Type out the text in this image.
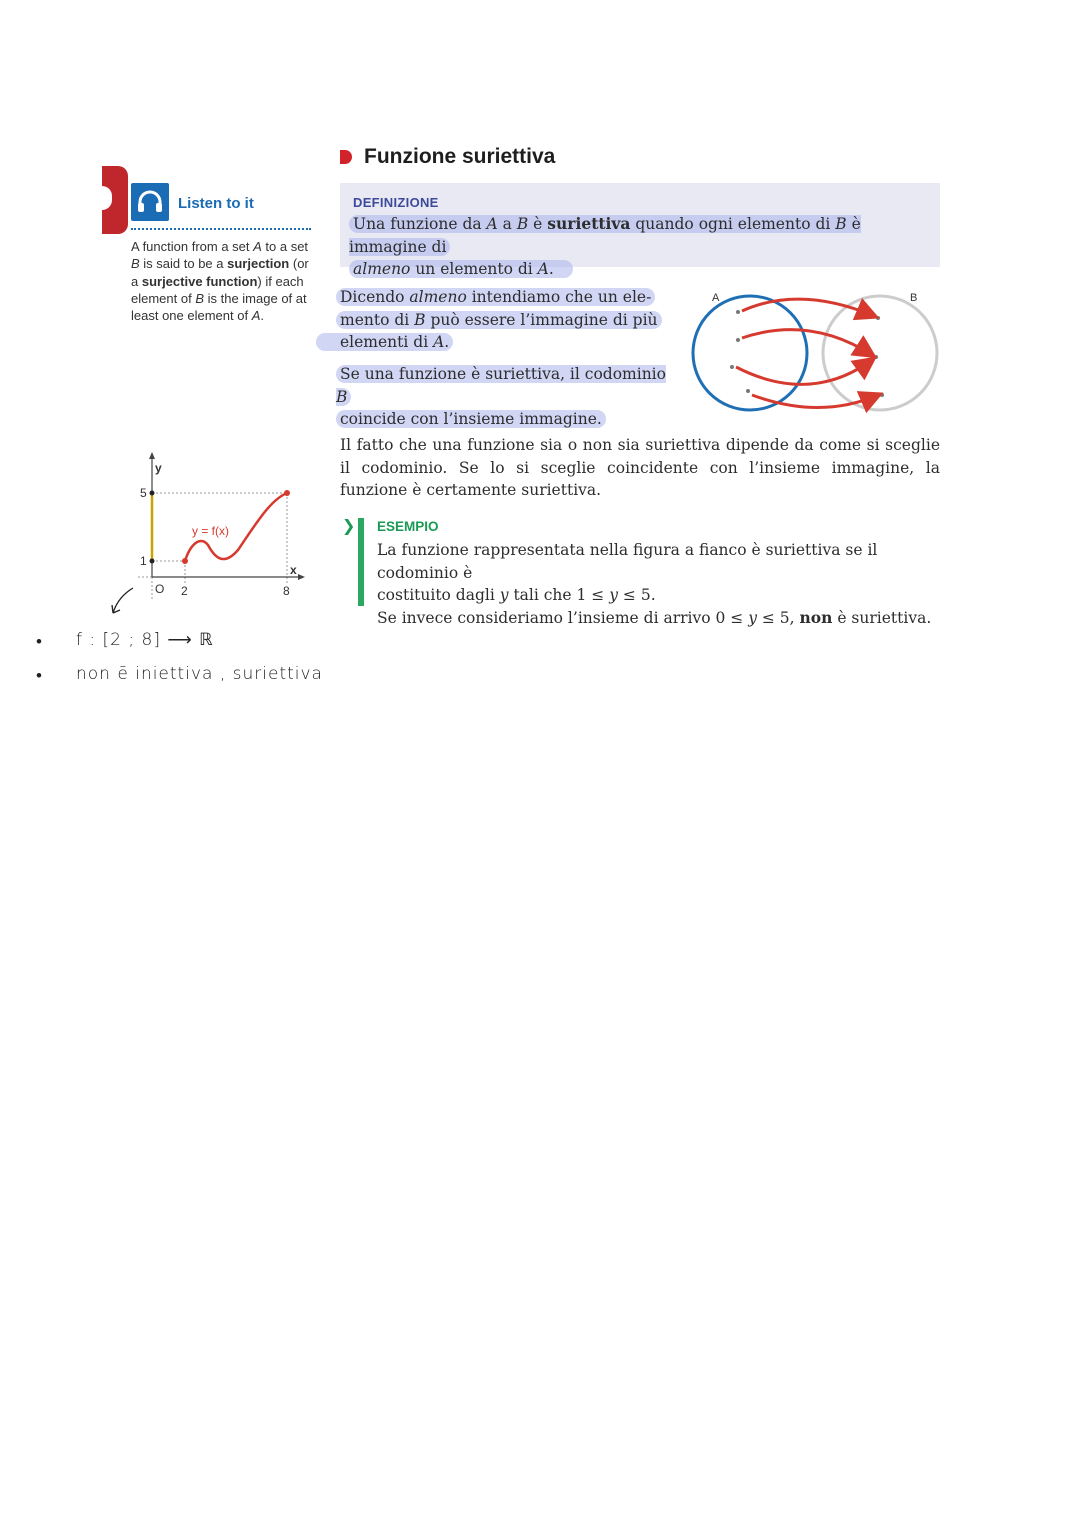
Listen to it
A function from a set A to a set B is said to be a surjection (or a surjective function) if each element of B is the image of at least one element of A.
Funzione suriettiva
DEFINIZIONE
Una funzione da A a B è suriettiva quando ogni elemento di B è immagine di
almeno un elemento di A.
Dicendo almeno intendiamo che un ele-
mento di B può essere l’immagine di più
elementi di A.
Se una funzione è suriettiva, il codominio B
coincide con l’insieme immagine.
A	B
Il fatto che una funzione sia o non sia suriettiva dipende da come si sceglie il codominio. Se lo si sceglie coincidente con l’insieme immagine, la funzione è certamente suriettiva.
❯ ESEMPIO
La funzione rappresentata nella figura a fianco è suriettiva se il codominio è
costituito dagli y tali che 1 ≤ y ≤ 5.
Se invece consideriamo l’insieme di arrivo 0 ≤ y ≤ 5, non è suriettiva.
y
x
O 2	8
1
5
y = f(x)
• f : [2 ; 8] ⟶ ℝ
• non ē iniettiva , suriettiva
